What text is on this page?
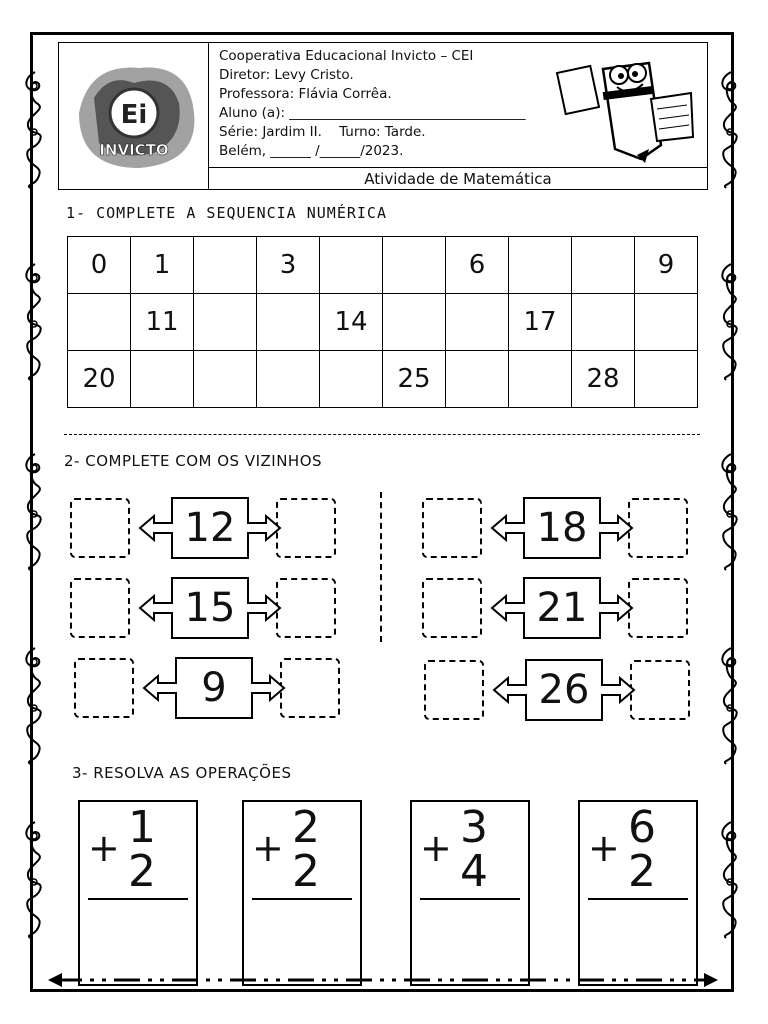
Ei
INVICTO
Cooperativa Educacional Invicto – CEI
Diretor: Levy Cristo.
Professora: Flávia Corrêa.
Aluno (a): ___________________________________
Série: Jardim II. Turno: Tarde.
Belém, ______ /______/2023.
Atividade de Matemática
1- COMPLETE A SEQUENCIA NUMÉRICA
0	1		3			6			9
	11			14			17		
20					25			28	
2- COMPLETE COM OS VIZINHOS
12	18
15	21
9	26
3- RESOLVA AS OPERAÇÕES
+ 1
2	+ 2
2	+ 3
4	+ 6
2
